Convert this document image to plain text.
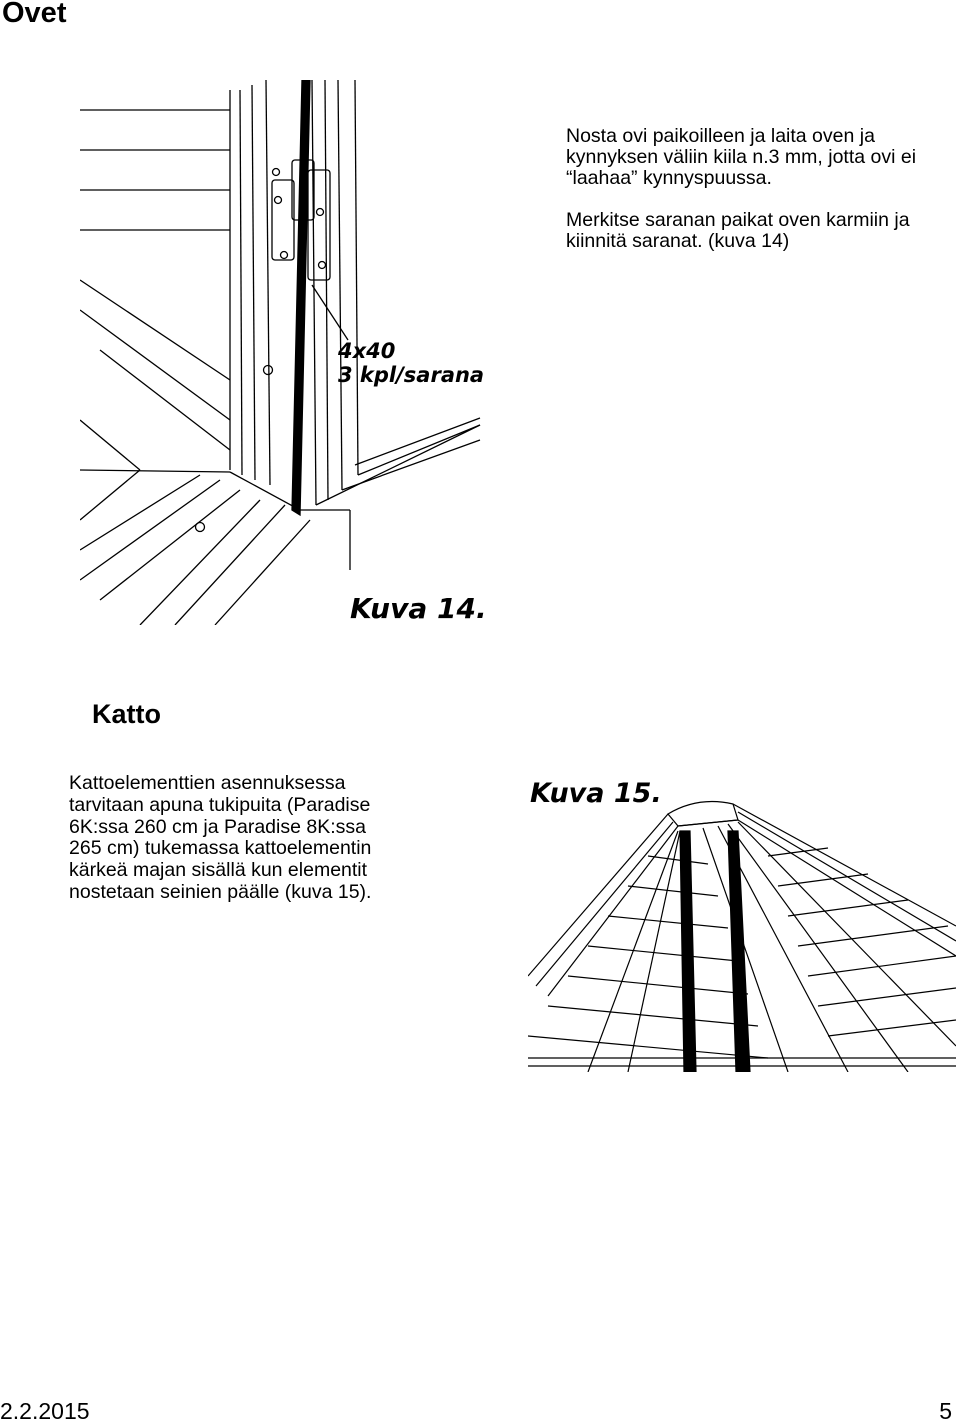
Ovet

Nosta ovi paikoilleen ja laita oven ja kynnyksen väliin kiila n.3 mm, jotta ovi ei “laahaa” kynnyspuussa.

Merkitse saranan paikat oven karmiin ja kiinnitä saranat. (kuva 14)

4x40
3 kpl/sarana
Kuva 14.
Katto
Kattoelementtien asennuksessa
tarvitaan apuna tukipuita (Paradise
6K:ssa 260 cm ja Paradise 8K:ssa
265 cm) tukemassa kattoelementin
kärkeä majan sisällä kun elementit
nostetaan seinien päälle (kuva 15).
Kuva 15.
2.2.2015	5
